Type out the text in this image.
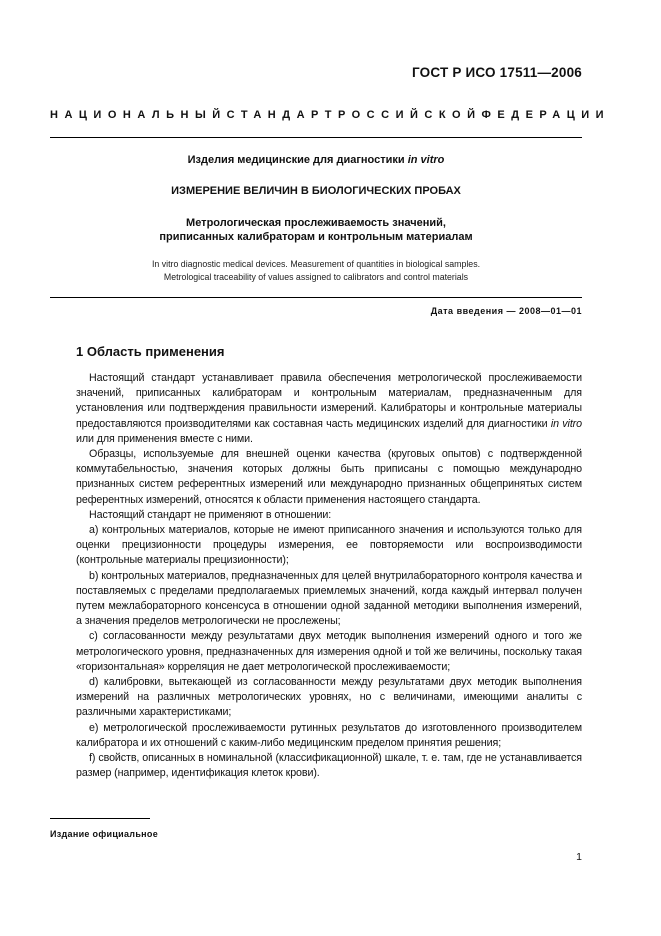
ГОСТ Р ИСО 17511—2006
НАЦИОНАЛЬНЫЙ СТАНДАРТ РОССИЙСКОЙ ФЕДЕРАЦИИ

Изделия медицинские для диагностики in vitro

ИЗМЕРЕНИЕ ВЕЛИЧИН В БИОЛОГИЧЕСКИХ ПРОБАХ

Метрологическая прослеживаемость значений,
приписанных калибраторам и контрольным материалам

In vitro diagnostic medical devices. Measurement of quantities in biological samples.
Metrological traceability of values assigned to calibrators and control materials

Дата введения — 2008—01—01
1 Область применения

Настоящий стандарт устанавливает правила обеспечения метрологической прослеживаемости значений, приписанных калибраторам и контрольным материалам, предназначенным для установления или подтверждения правильности измерений. Калибраторы и контрольные материалы предоставляются производителями как составная часть медицинских изделий для диагностики in vitro или для применения вместе с ними.

Образцы, используемые для внешней оценки качества (круговых опытов) с подтвержденной коммутабельностью, значения которых должны быть приписаны с помощью международно признанных систем референтных измерений или международно признанных общепринятых систем референтных измерений, относятся к области применения настоящего стандарта.

Настоящий стандарт не применяют в отношении:

а) контрольных материалов, которые не имеют приписанного значения и используются только для оценки прецизионности процедуры измерения, ее повторяемости или воспроизводимости (контрольные материалы прецизионности);

b) контрольных материалов, предназначенных для целей внутрилабораторного контроля качества и поставляемых с пределами предполагаемых приемлемых значений, когда каждый интервал получен путем межлабораторного консенсуса в отношении одной заданной методики выполнения измерений, а значения пределов метрологически не прослежены;

с) согласованности между результатами двух методик выполнения измерений одного и того же метрологического уровня, предназначенных для измерения одной и той же величины, поскольку такая «горизонтальная» корреляция не дает метрологической прослеживаемости;

d) калибровки, вытекающей из согласованности между результатами двух методик выполнения измерений на различных метрологических уровнях, но с величинами, имеющими аналиты с различными характеристиками;

е) метрологической прослеживаемости рутинных результатов до изготовленного производителем калибратора и их отношений с каким-либо медицинским пределом принятия решения;

f) свойств, описанных в номинальной (классификационной) шкале, т. е. там, где не устанавливается размер (например, идентификация клеток крови).

Издание официальное
1
